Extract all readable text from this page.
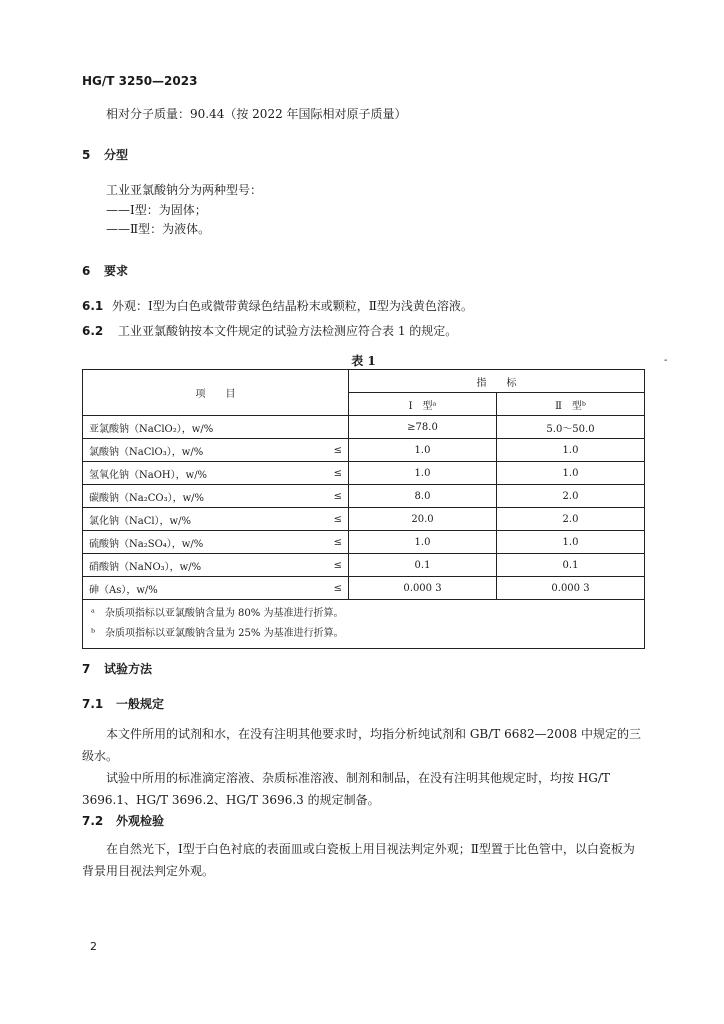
HG/T 3250—2023
相对分子质量：90.44（按 2022 年国际相对原子质量）
5 分型
工业亚氯酸钠分为两种型号：
——Ⅰ型：为固体；
——Ⅱ型：为液体。
6 要求
6.1 外观：Ⅰ型为白色或微带黄绿色结晶粉末或颗粒，Ⅱ型为浅黄色溶液。
6.2 工业亚氯酸钠按本文件规定的试验方法检测应符合表 1 的规定。
表 1	-
项　　目		指　　标	
		Ⅰ　型ᵃ	Ⅱ　型ᵇ
亚氯酸钠（NaClO₂），w/%		≥78.0	5.0～50.0
氯酸钠（NaClO₃），w/%	≤	1.0	1.0
氢氧化钠（NaOH），w/%	≤	1.0	1.0
碳酸钠（Na₂CO₃），w/%	≤	8.0	2.0
氯化钠（NaCl），w/%	≤	20.0	2.0
硫酸钠（Na₂SO₄），w/%	≤	1.0	1.0
硝酸钠（NaNO₃），w/%	≤	0.1	0.1
砷（As），w/%	≤	0.000 3	0.000 3

ᵃ　杂质项指标以亚氯酸钠含量为 80% 为基准进行折算。
ᵇ　杂质项指标以亚氯酸钠含量为 25% 为基准进行折算。			
7 试验方法
7.1 一般规定
本文件所用的试剂和水，在没有注明其他要求时，均指分析纯试剂和 GB/T 6682—2008 中规定的三级水。
试验中所用的标准滴定溶液、杂质标准溶液、制剂和制品，在没有注明其他规定时，均按 HG/T 3696.1、HG/T 3696.2、HG/T 3696.3 的规定制备。
7.2 外观检验
在自然光下，Ⅰ型于白色衬底的表面皿或白瓷板上用目视法判定外观；Ⅱ型置于比色管中，以白瓷板为背景用目视法判定外观。
2
